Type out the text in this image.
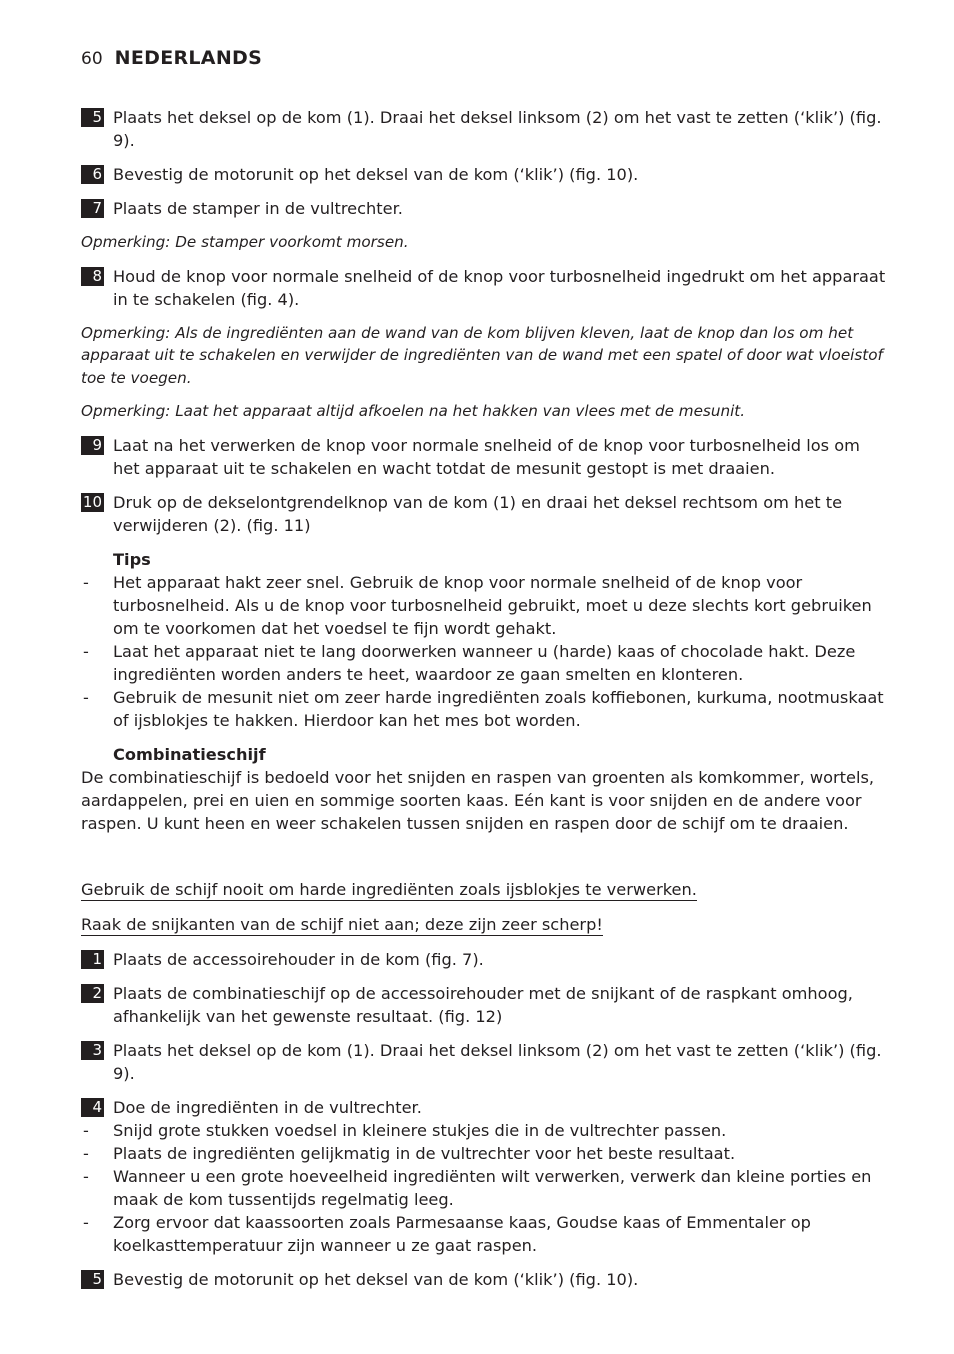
60 NEDERLANDS
5 Plaats het deksel op de kom (1). Draai het deksel linksom (2) om het vast te zetten (‘klik’) (fig. 9).
6 Bevestig de motorunit op het deksel van de kom (‘klik’) (fig. 10).
7 Plaats de stamper in de vultrechter.
Opmerking: De stamper voorkomt morsen.
8 Houd de knop voor normale snelheid of de knop voor turbosnelheid ingedrukt om het apparaat in te schakelen (fig. 4).
Opmerking: Als de ingrediënten aan de wand van de kom blijven kleven, laat de knop dan los om het apparaat uit te schakelen en verwijder de ingrediënten van de wand met een spatel of door wat vloeistof toe te voegen.
Opmerking: Laat het apparaat altijd afkoelen na het hakken van vlees met de mesunit.
9 Laat na het verwerken de knop voor normale snelheid of de knop voor turbosnelheid los om het apparaat uit te schakelen en wacht totdat de mesunit gestopt is met draaien.
10 Druk op de dekselontgrendelknop van de kom (1) en draai het deksel rechtsom om het te verwijderen (2). (fig. 11)
Tips
-	Het apparaat hakt zeer snel. Gebruik de knop voor normale snelheid of de knop voor turbosnelheid. Als u de knop voor turbosnelheid gebruikt, moet u deze slechts kort gebruiken om te voorkomen dat het voedsel te fijn wordt gehakt.
-	Laat het apparaat niet te lang doorwerken wanneer u (harde) kaas of chocolade hakt. Deze ingrediënten worden anders te heet, waardoor ze gaan smelten en klonteren.
-	Gebruik de mesunit niet om zeer harde ingrediënten zoals koffiebonen, kurkuma, nootmuskaat of ijsblokjes te hakken. Hierdoor kan het mes bot worden.
Combinatieschijf
De combinatieschijf is bedoeld voor het snijden en raspen van groenten als komkommer, wortels, aardappelen, prei en uien en sommige soorten kaas. Eén kant is voor snijden en de andere voor raspen. U kunt heen en weer schakelen tussen snijden en raspen door de schijf om te draaien.
Gebruik de schijf nooit om harde ingrediënten zoals ijsblokjes te verwerken.
Raak de snijkanten van de schijf niet aan; deze zijn zeer scherp!
1 Plaats de accessoirehouder in de kom (fig. 7).
2 Plaats de combinatieschijf op de accessoirehouder met de snijkant of de raspkant omhoog, afhankelijk van het gewenste resultaat. (fig. 12)
3 Plaats het deksel op de kom (1). Draai het deksel linksom (2) om het vast te zetten (‘klik’) (fig. 9).
4 Doe de ingrediënten in de vultrechter.
-	Snijd grote stukken voedsel in kleinere stukjes die in de vultrechter passen.
-	Plaats de ingrediënten gelijkmatig in de vultrechter voor het beste resultaat.
-	Wanneer u een grote hoeveelheid ingrediënten wilt verwerken, verwerk dan kleine porties en maak de kom tussentijds regelmatig leeg.
-	Zorg ervoor dat kaassoorten zoals Parmesaanse kaas, Goudse kaas of Emmentaler op koelkasttemperatuur zijn wanneer u ze gaat raspen.
5 Bevestig de motorunit op het deksel van de kom (‘klik’) (fig. 10).
